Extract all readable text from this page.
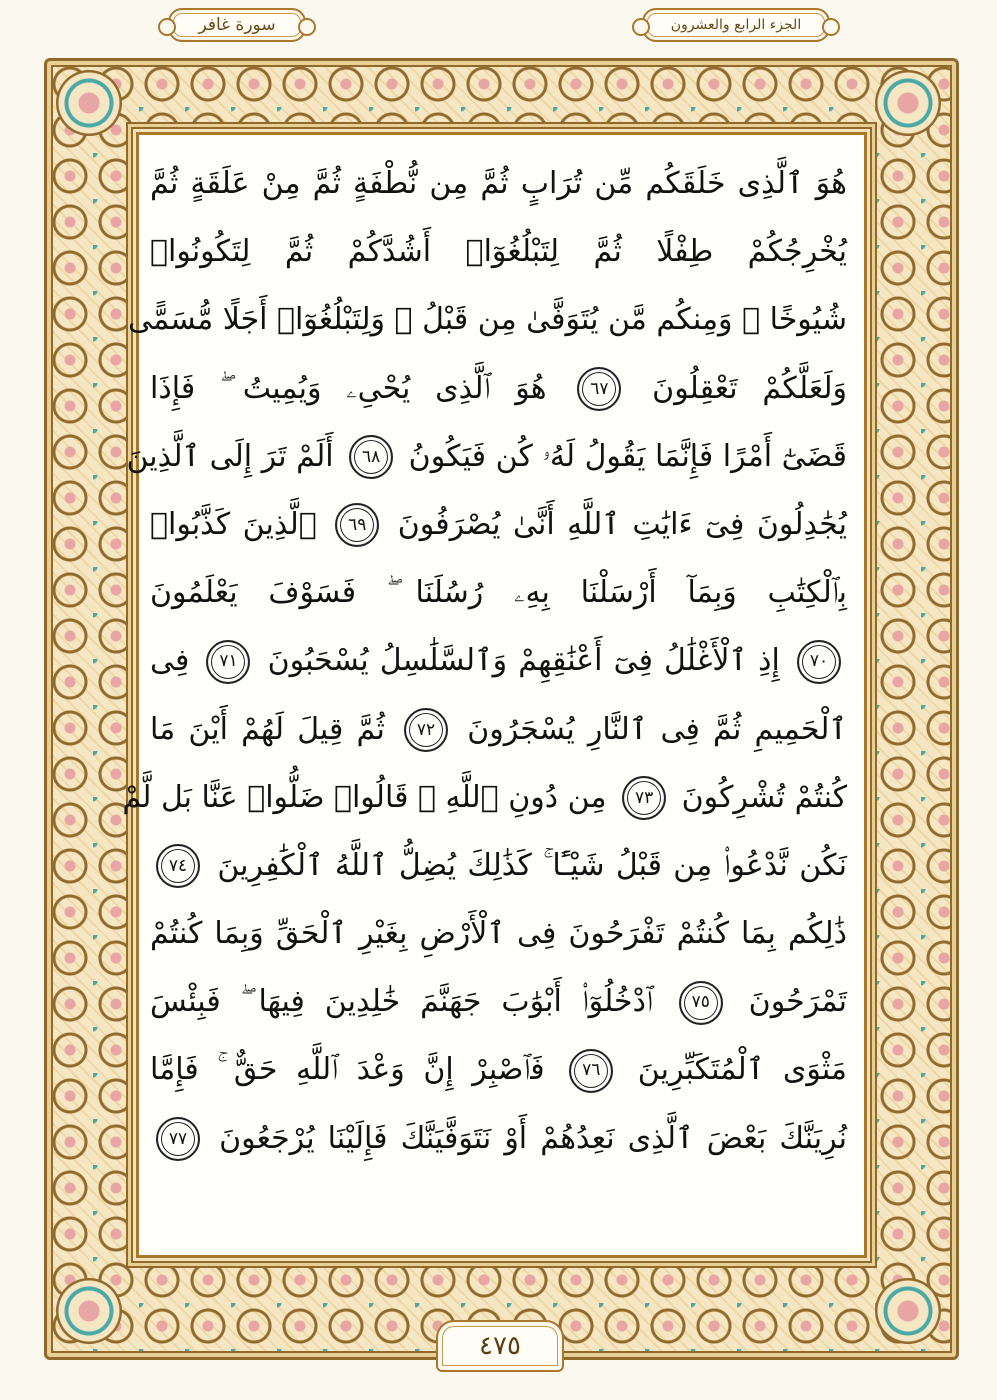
سورة غافر	الجزء الرابع والعشرون
هُوَ ٱلَّذِى خَلَقَكُم مِّن تُرَابٍ ثُمَّ مِن نُّطْفَةٍ ثُمَّ مِنْ عَلَقَةٍ ثُمَّ
يُخْرِجُكُمْ طِفْلًا ثُمَّ لِتَبْلُغُوٓا۟ أَشُدَّكُمْ ثُمَّ لِتَكُونُوا۟
شُيُوخًا ۚ وَمِنكُم مَّن يُتَوَفَّىٰ مِن قَبْلُ ۖ وَلِتَبْلُغُوٓا۟ أَجَلًا مُّسَمًّى
وَلَعَلَّكُمْ تَعْقِلُونَ ٦٧ هُوَ ٱلَّذِى يُحْىِۦ وَيُمِيتُ ۖ فَإِذَا
قَضَىٰٓ أَمْرًا فَإِنَّمَا يَقُولُ لَهُۥ كُن فَيَكُونُ ٦٨ أَلَمْ تَرَ إِلَى ٱلَّذِينَ
يُجَٰدِلُونَ فِىٓ ءَايَٰتِ ٱللَّهِ أَنَّىٰ يُصْرَفُونَ ٦٩ ٱلَّذِينَ كَذَّبُوا۟
بِٱلْكِتَٰبِ وَبِمَآ أَرْسَلْنَا بِهِۦ رُسُلَنَا ۖ فَسَوْفَ يَعْلَمُونَ
٧٠ إِذِ ٱلْأَغْلَٰلُ فِىٓ أَعْنَٰقِهِمْ وَٱلسَّلَٰسِلُ يُسْحَبُونَ ٧١ فِى
ٱلْحَمِيمِ ثُمَّ فِى ٱلنَّارِ يُسْجَرُونَ ٧٢ ثُمَّ قِيلَ لَهُمْ أَيْنَ مَا
كُنتُمْ تُشْرِكُونَ ٧٣ مِن دُونِ ٱللَّهِ ۖ قَالُوا۟ ضَلُّوا۟ عَنَّا بَل لَّمْ
نَكُن نَّدْعُوا۟ مِن قَبْلُ شَيْـًٔا ۚ كَذَٰلِكَ يُضِلُّ ٱللَّهُ ٱلْكَٰفِرِينَ ٧٤
ذَٰلِكُم بِمَا كُنتُمْ تَفْرَحُونَ فِى ٱلْأَرْضِ بِغَيْرِ ٱلْحَقِّ وَبِمَا كُنتُمْ
تَمْرَحُونَ ٧٥ ٱدْخُلُوٓا۟ أَبْوَٰبَ جَهَنَّمَ خَٰلِدِينَ فِيهَا ۖ فَبِئْسَ
مَثْوَى ٱلْمُتَكَبِّرِينَ ٧٦ فَٱصْبِرْ إِنَّ وَعْدَ ٱللَّهِ حَقٌّ ۚ فَإِمَّا
نُرِيَنَّكَ بَعْضَ ٱلَّذِى نَعِدُهُمْ أَوْ نَتَوَفَّيَنَّكَ فَإِلَيْنَا يُرْجَعُونَ ٧٧
٤٧٥
